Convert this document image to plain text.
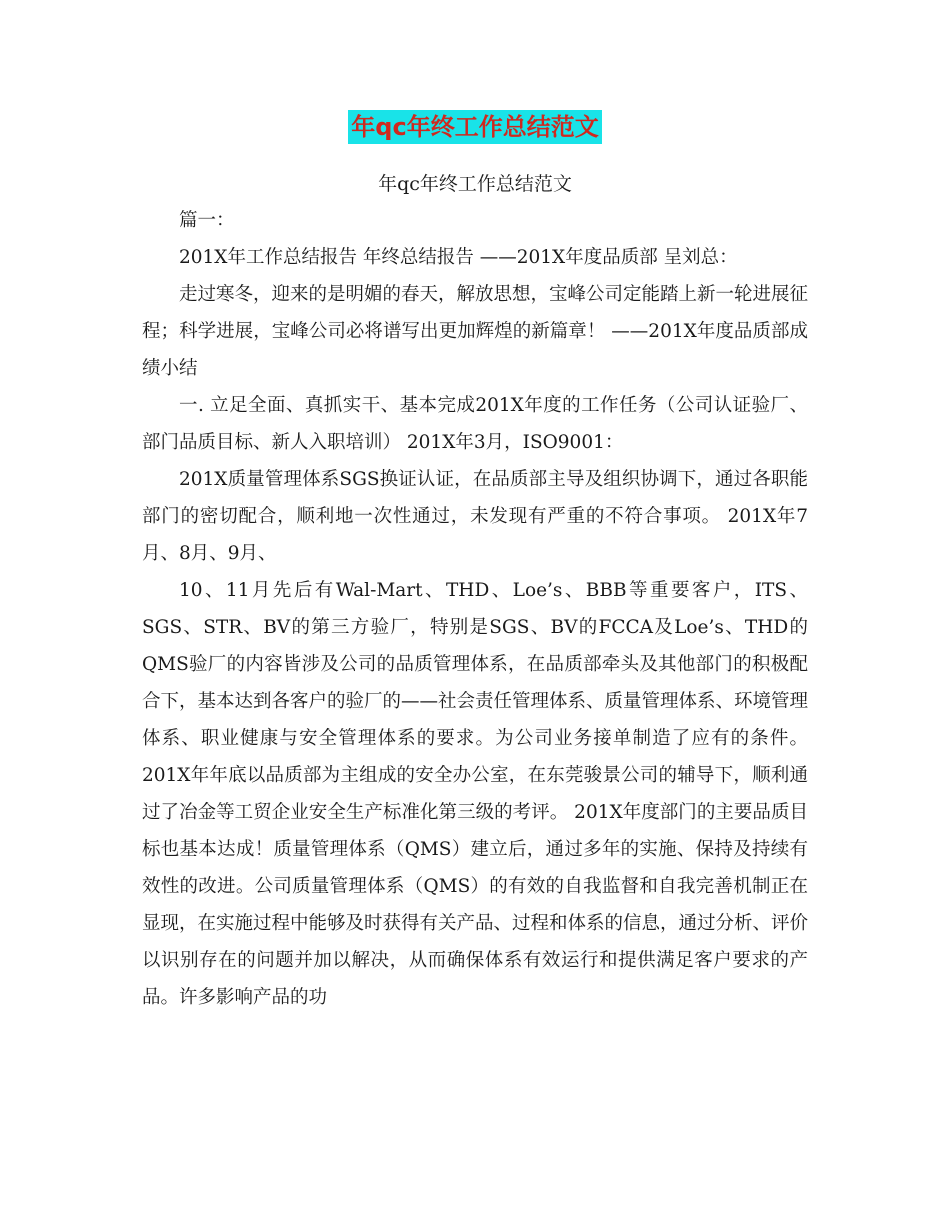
年qc年终工作总结范文
年qc年终工作总结范文

篇一：

201X年工作总结报告 年终总结报告 ——201X年度品质部 呈刘总：

走过寒冬，迎来的是明媚的春天，解放思想，宝峰公司定能踏上新一轮进展征程；科学进展，宝峰公司必将谱写出更加辉煌的新篇章！ ——201X年度品质部成绩小结

一. 立足全面、真抓实干、基本完成201X年度的工作任务（公司认证验厂、部门品质目标、新人入职培训） 201X年3月，ISO9001：

201X质量管理体系SGS换证认证，在品质部主导及组织协调下，通过各职能部门的密切配合，顺利地一次性通过，未发现有严重的不符合事项。 201X年7月、8月、9月、

10、11月先后有Wal-Mart、THD、Loe’s、BBB等重要客户，ITS、SGS、STR、BV的第三方验厂，特别是SGS、BV的FCCA及Loe’s、THD的QMS验厂的内容皆涉及公司的品质管理体系，在品质部牵头及其他部门的积极配合下，基本达到各客户的验厂的——社会责任管理体系、质量管理体系、环境管理体系、职业健康与安全管理体系的要求。为公司业务接单制造了应有的条件。201X年年底以品质部为主组成的安全办公室，在东莞骏景公司的辅导下，顺利通过了冶金等工贸企业安全生产标准化第三级的考评。 201X年度部门的主要品质目标也基本达成！质量管理体系（QMS）建立后，通过多年的实施、保持及持续有效性的改进。公司质量管理体系（QMS）的有效的自我监督和自我完善机制正在显现，在实施过程中能够及时获得有关产品、过程和体系的信息，通过分析、评价以识别存在的问题并加以解决，从而确保体系有效运行和提供满足客户要求的产品。许多影响产品的功
